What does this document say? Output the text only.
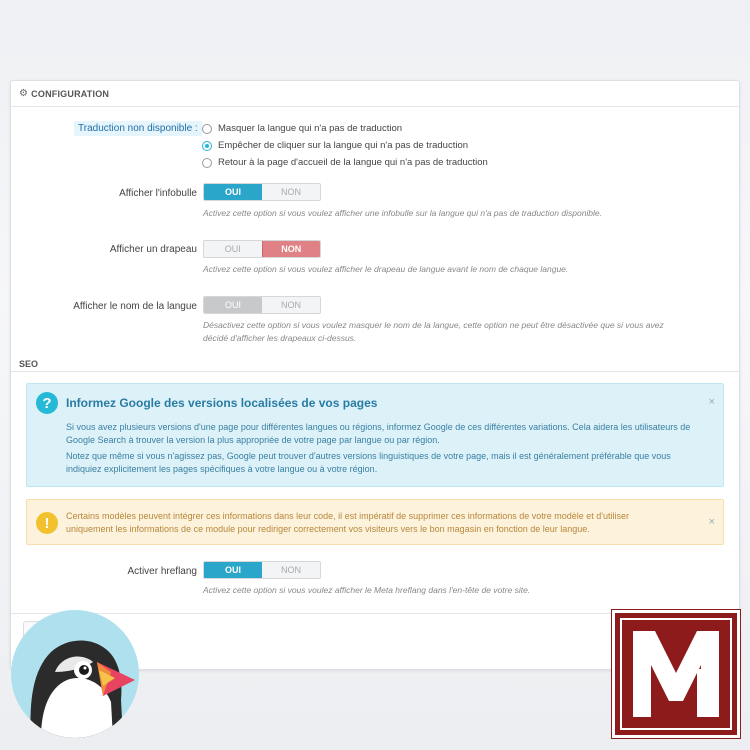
⚙ CONFIGURATION
Traduction non disponible :	Masquer la langue qui n'a pas de traduction
Empêcher de cliquer sur la langue qui n'a pas de traduction
Retour à la page d'accueil de la langue qui n'a pas de traduction
Afficher l'infobulle	OUI	NON
Activez cette option si vous voulez afficher une infobulle sur la langue qui n'a pas de traduction disponible.
Afficher un drapeau	OUI	NON
Activez cette option si vous voulez afficher le drapeau de langue avant le nom de chaque langue.
Afficher le nom de la langue	OUI	NON
Désactivez cette option si vous voulez masquer le nom de la langue, cette option ne peut être désactivée que si vous avez
décidé d'afficher les drapeaux ci-dessus.
SEO
?	Informez Google des versions localisées de vos pages	×
Si vous avez plusieurs versions d'une page pour différentes langues ou régions, informez Google de ces différentes variations. Cela aidera les utilisateurs de
Google Search à trouver la version la plus appropriée de votre page par langue ou par région.
Notez que même si vous n'agissez pas, Google peut trouver d'autres versions linguistiques de votre page, mais il est généralement préférable que vous
indiquiez explicitement les pages spécifiques à votre langue ou à votre région.
!	Certains modèles peuvent intégrer ces informations dans leur code, il est impératif de supprimer ces informations de votre modèle et d'utiliser
uniquement les informations de ce module pour rediriger correctement vos visiteurs vers le bon magasin en fonction de leur langue.
×
Activer hreflang	OUI	NON
Activez cette option si vous voulez afficher le Meta hreflang dans l'en-tête de votre site.
